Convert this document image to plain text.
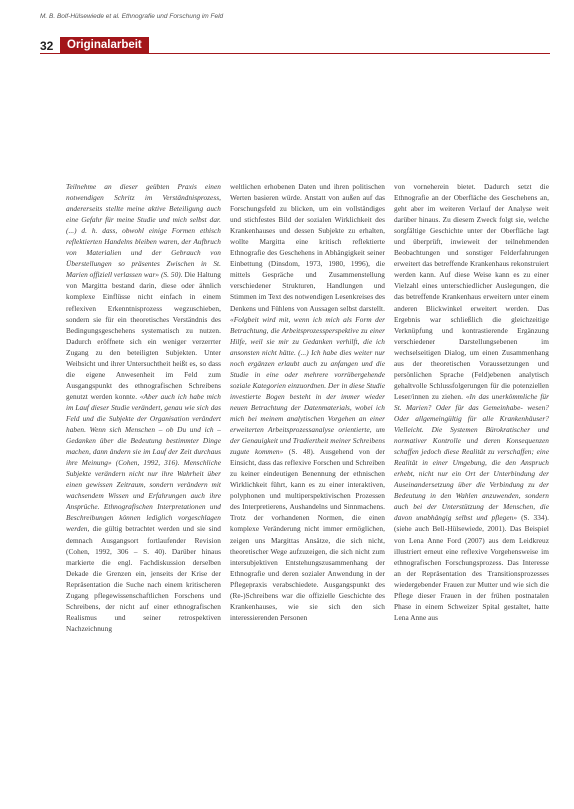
M. B. Bolf-Hülsewiede et al. Ethnografie und Forschung im Feld
32	Originalarbeit
Teilnehme an dieser geübten Praxis einen notwendigen Schritz im Verständnisprozess, andererseits stellte meine aktive Beteiligung auch eine Gefahr für meine Studie und mich selbst dar. (...) d. h. dass, obwohl einige Formen ethisch reflektierten Handelns bleiben waren, der Aufbruch von Materialien und der Gebrauch von Überstellungen so präsentes Zwischen in St. Marien offiziell verlassen war» (S. 50). Die Haltung von Margitta bestand darin, diese oder ähnlich komplexe Einflüsse nicht einfach in einem reflexiven Erkenntnisprozess wegzuschieben, sondern sie für ein theoretisches Verständnis des Bedingungsgeschehens systematisch zu nutzen. Dadurch eröffnete sich ein weniger verzerrter Zugang zu den beteiligten Subjekten. Unter Weibsicht und ihrer Untersuchtheit heißt es, so dass die eigene Anwesenheit im Feld zum Ausgangspunkt des ethnografischen Schreibens genutzt werden konnte. «Aber auch ich habe mich im Lauf dieser Studie verändert, genau wie sich das Feld und die Subjekte der Organisation verändert haben. Wenn sich Menschen – ob Du und ich – Gedanken über die Bedeutung bestimmter Dinge machen, dann ändern sie im Lauf der Zeit durchaus ihre Meinung» (Cohen, 1992, 316). Menschliche Subjekte verändern nicht nur ihre Wahrheit über einen gewissen Zeitraum, sondern verändern mit wachsendem Wissen und Erfahrungen auch ihre Ansprüche. Ethnografischen Interpretationen und Beschreibungen können lediglich vorgeschlagen werden, die gültig betrachtet werden und sie sind demnach Ausgangsort fortlaufender Revision (Cohen, 1992, 306 – S. 40). Darüber hinaus markierte die engl. Fachdiskussion derselben Dekade die Grenzen ein, jenseits der Krise der Repräsentation die Suche nach einem kritischeren Zugang pflegewissenschaftlichen Forschens und Schreibens, der nicht auf einer ethnografischen Realismus und seiner retrospektiven Nachzeichnung
weltlichen erhobenen Daten und ihren politischen Werten basieren würde. Anstatt von außen auf das Forschungsfeld zu blicken, um ein vollständiges und stichfestes Bild der sozialen Wirklichkeit des Krankenhauses und dessen Subjekte zu erhalten, wollte Margitta eine kritisch reflektierte Ethnografie des Geschehens in Abhängigkeit seiner Einbettung (Dinsdom, 1973, 1980, 1996), die mittels Gespräche und Zusammenstellung verschiedener Strukturen, Handlungen und Stimmen im Text des notwendigen Lesenkreises des Denkens und Fühlens von Aussagen selbst darstellt. «Folgbeit wird mit, wenn ich mich als Form der Betrachtung, die Arbeitsprozessperspektive zu einer Hilfe, weil sie mir zu Gedanken verhilft, die ich ansonsten nicht hätte. (...) Ich habe dies weiter nur noch ergänzen erlaubt auch zu anfangen und die Studie in eine oder mehrere vorrübergehende soziale Kategorien einzuordnen. Der in diese Studie investierte Bogen besteht in der immer wieder neuen Betrachtung der Datenmaterials, wobei ich mich bei meinem analytischen Vorgehen an einer erweiterten Arbeitsprozessanalyse orientierte, um der Genauigkeit und Tradiertheit meiner Schreibens zugute kommen» (S. 48). Ausgehend von der Einsicht, dass das reflexive Forschen und Schreiben zu keiner eindeutigen Benennung der ethnischen Wirklichkeit führt, kann es zu einer interaktiven, polyphonen und multiperspektivischen Prozessen des Interpretierens, Aushandelns und Sinnmachens. Trotz der vorhandenen Normen, die einen komplexe Veränderung nicht immer ermöglichen, zeigen uns Margittas Ansätze, die sich nicht, theoretischer Wege aufzuzeigen, die sich nicht zum intersubjektiven Entstehungszusammenhang der Ethnografie und deren sozialer Anwendung in der Pflegepraxis verabschiedete. Ausgangspunkt des (Re-)Schreibens war die offizielle Geschichte des Krankenhauses, wie sie sich den sich interessierenden Personen
von vorneherein bietet. Dadurch setzt die Ethnografie an der Oberfläche des Geschehens an, geht aber im weiteren Verlauf der Analyse weit darüber hinaus. Zu diesem Zweck folgt sie, welche sorgfältige Geschichte unter der Oberfläche lagt und überprüft, inwieweit der teilnehmenden Beobachtungen und sonstiger Felderfahrungen erweitert das betreffende Krankenhaus rekonstruiert werden kann. Auf diese Weise kann es zu einer Vielzahl eines unterschiedlicher Auslegungen, die das betreffende Krankenhaus erweitern unter einem anderen Blickwinkel erweitert werden. Das Ergebnis war schließlich die gleichzeitige Verknüpfung und kontrastierende Ergänzung verschiedener Darstellungsebenen im wechselseitigen Dialog, um einen Zusammenhang aus der theoretischen Voraussetzungen und persönlichen Sprache (Feld)ebenen analytisch gehaltvolle Schlussfolgerungen für die potenziellen Leser/innen zu ziehen. «In das unerkömmliche für St. Marien? Oder für das Gemeinhabe- wesen? Oder allgemeingültig für alle Krankenhäuser? Vielleicht. Die Systemen Bürokratischer und normativer Kontrolle und deren Konsequenzen schaffen jedoch diese Realität zu verschaffen; eine Realität in einer Umgebung, die den Anspruch erhebt, nicht nur ein Ort der Unterbindung der Auseinandersetzung über die Verbindung zu der Bedeutung in den Wahlen anzuwenden, sondern auch bei der Unterstützung der Menschen, die davon unabhängig selbst und pflegen» (S. 334). (siehe auch Bell-Hülsewiede, 2001). Das Beispiel von Lena Anne Ford (2007) aus dem Leidkreuz illustriert erneut eine reflexive Vorgehensweise im ethnografischen Forschungsprozess. Das Interesse an der Repräsentation des Transitionsprozesses wiedergebender Frauen zur Mutter und wie sich die Pflege dieser Frauen in der frühen postnatalen Phase in einem Schweizer Spital gestaltet, hatte Lena Anne aus
